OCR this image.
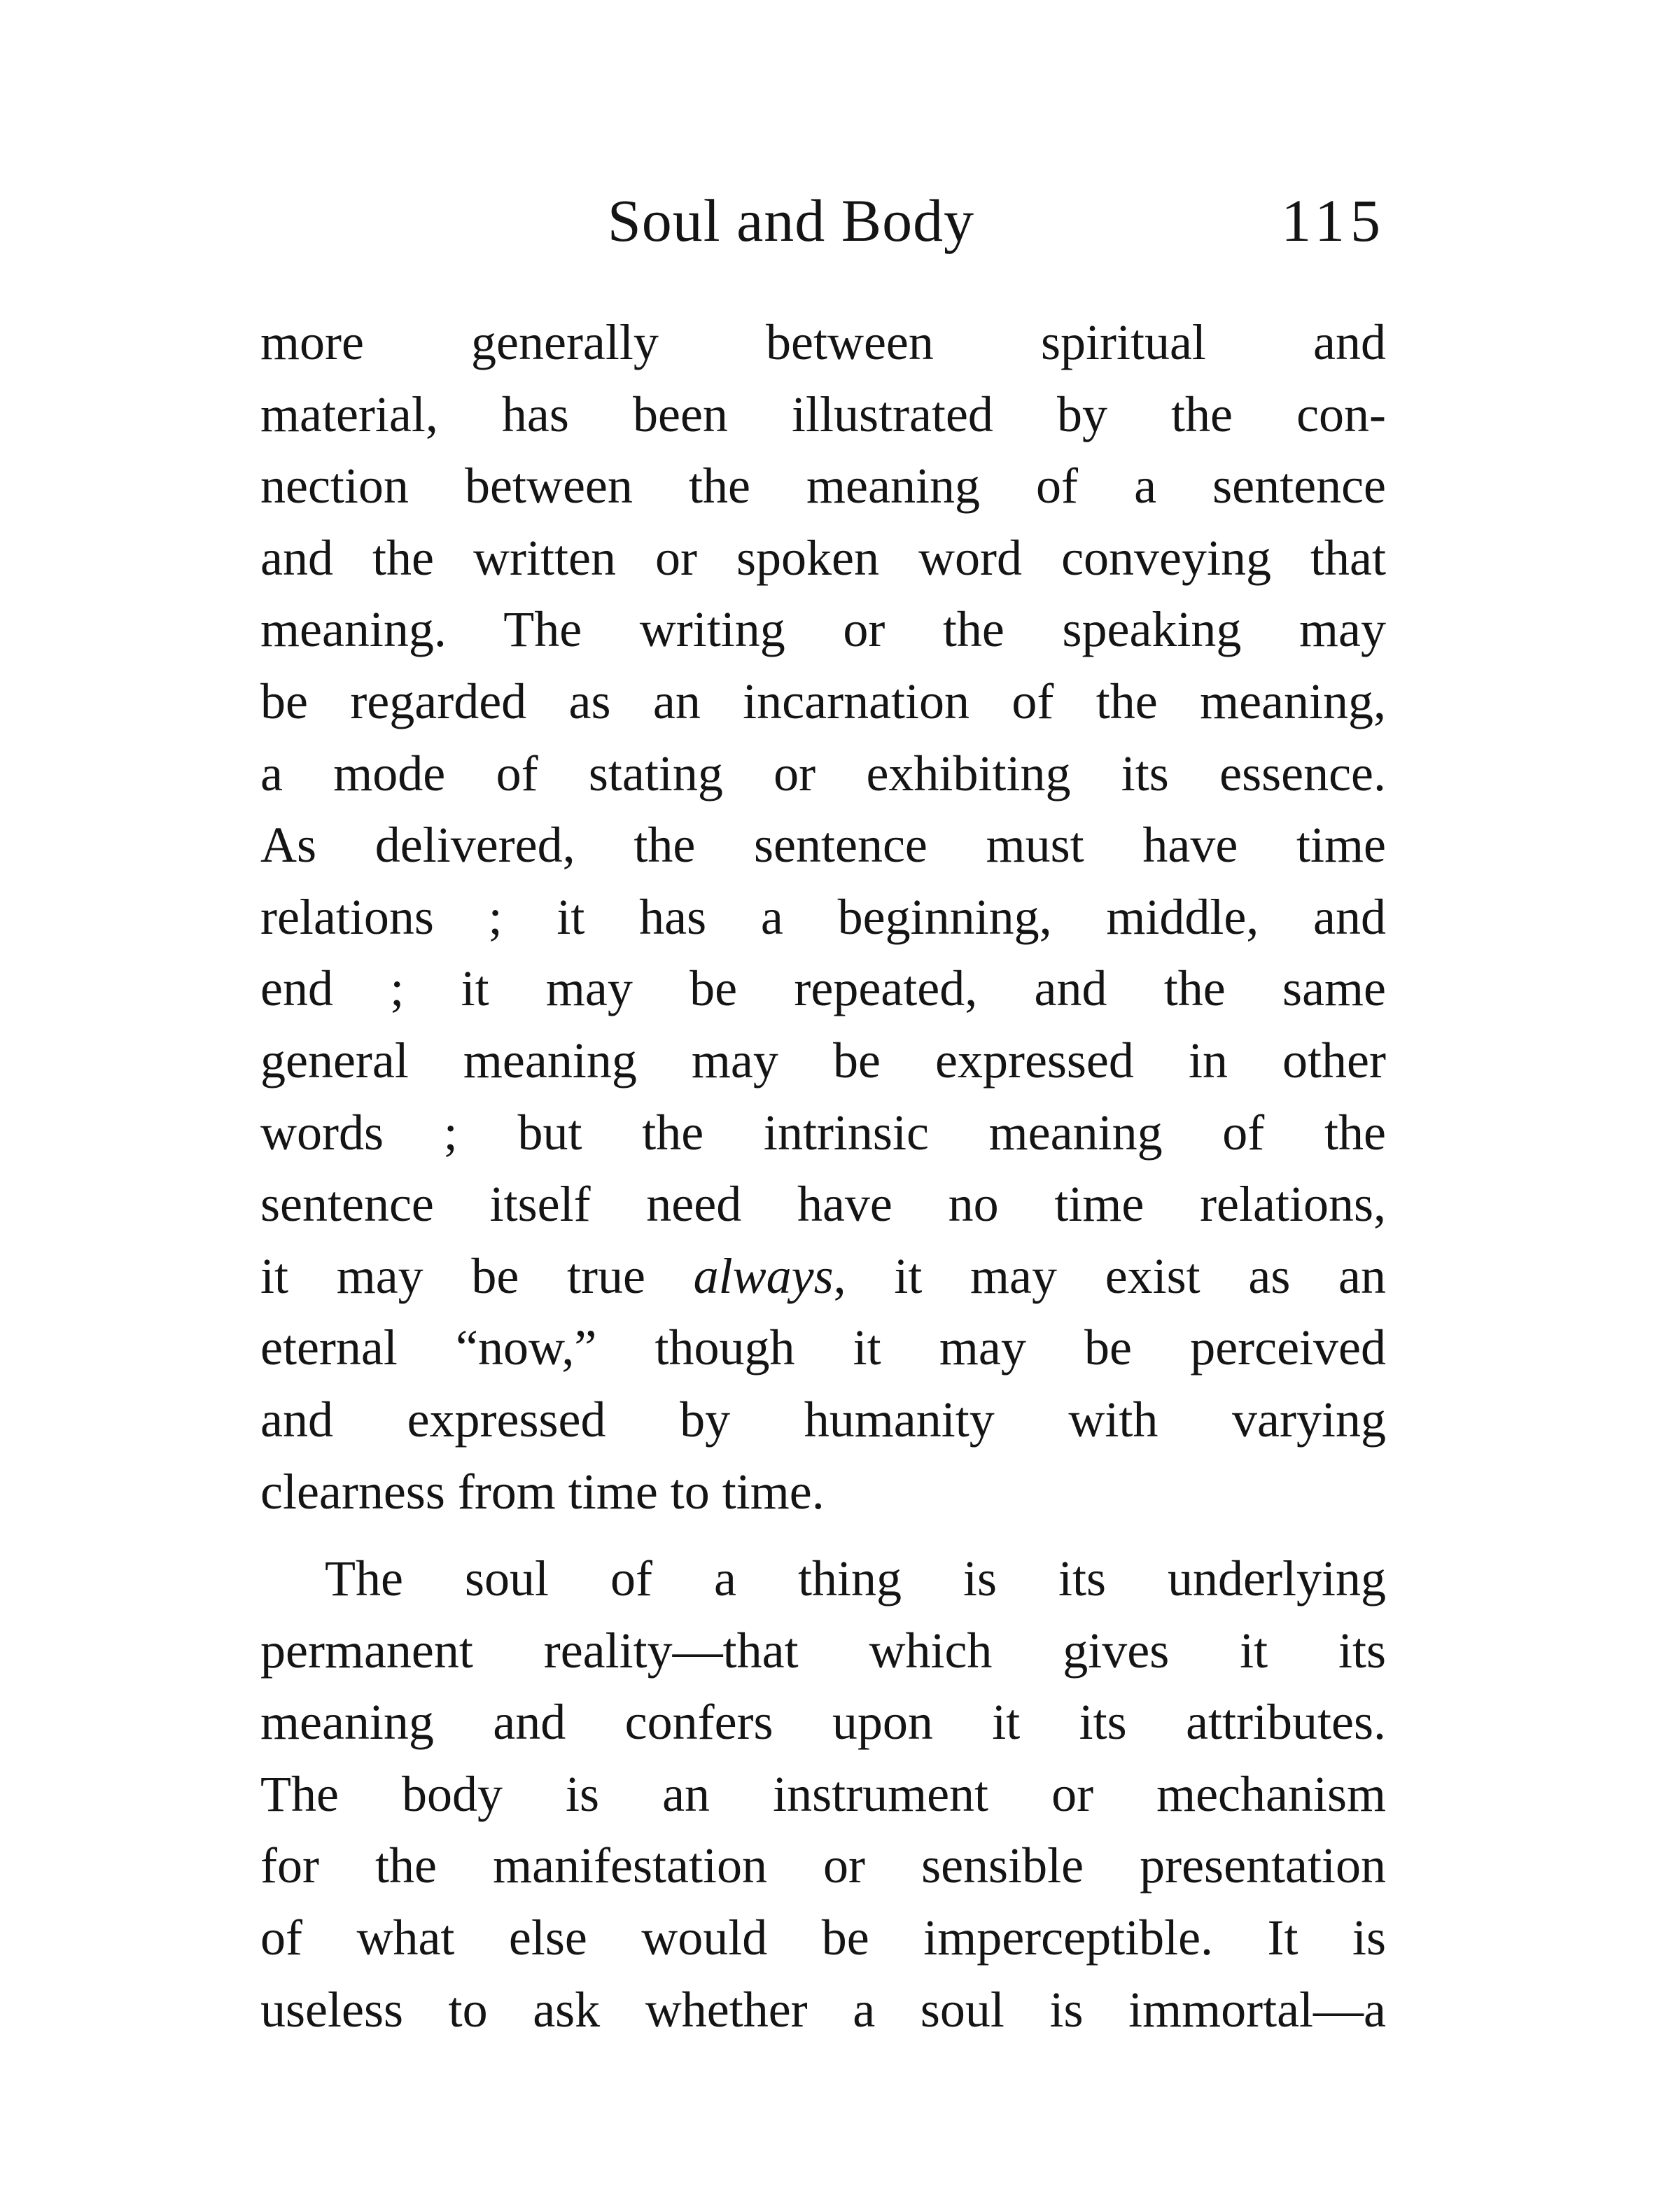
Soul and Body	115
more generally between spiritual and
material, has been illustrated by the con-
nection between the meaning of a sentence
and the written or spoken word conveying that
meaning. The writing or the speaking may
be regarded as an incarnation of the meaning,
a mode of stating or exhibiting its essence.
As delivered, the sentence must have time
relations ; it has a beginning, middle, and
end ; it may be repeated, and the same
general meaning may be expressed in other
words ; but the intrinsic meaning of the
sentence itself need have no time relations,
it may be true always, it may exist as an
eternal “now,” though it may be perceived
and expressed by humanity with varying
clearness from time to time.
The soul of a thing is its underlying
permanent reality—that which gives it its
meaning and confers upon it its attributes.
The body is an instrument or mechanism
for the manifestation or sensible presentation
of what else would be imperceptible. It is
useless to ask whether a soul is immortal—a
